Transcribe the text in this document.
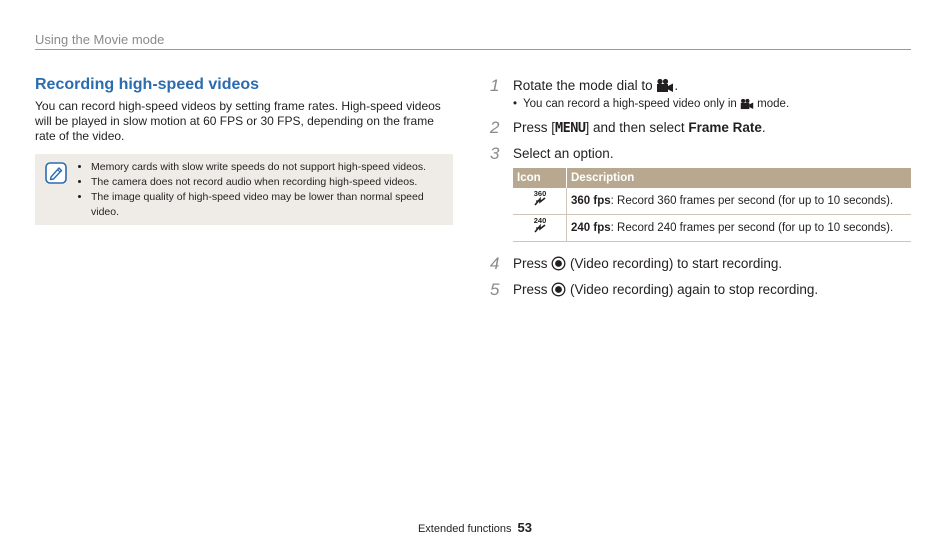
Using the Movie mode
Recording high-speed videos

You can record high-speed videos by setting frame rates. High-speed videos will be played in slow motion at 60 FPS or 30 FPS, depending on the frame rate of the video.

• Memory cards with slow write speeds do not support high-speed videos.
• The camera does not record audio when recording high-speed videos.
• The image quality of high-speed video may be lower than normal speed video.
1	Rotate the mode dial to .
• You can record a high-speed video only in  mode.
2	Press [MENU] and then select Frame Rate.
3	Select an option.
Icon	Description

360	360 fps: Record 360 frames per second (for up to 10 seconds).

240	240 fps: Record 240 frames per second (for up to 10 seconds).
4	Press  (Video recording) to start recording.
5	Press  (Video recording) again to stop recording.
Extended functions 53
